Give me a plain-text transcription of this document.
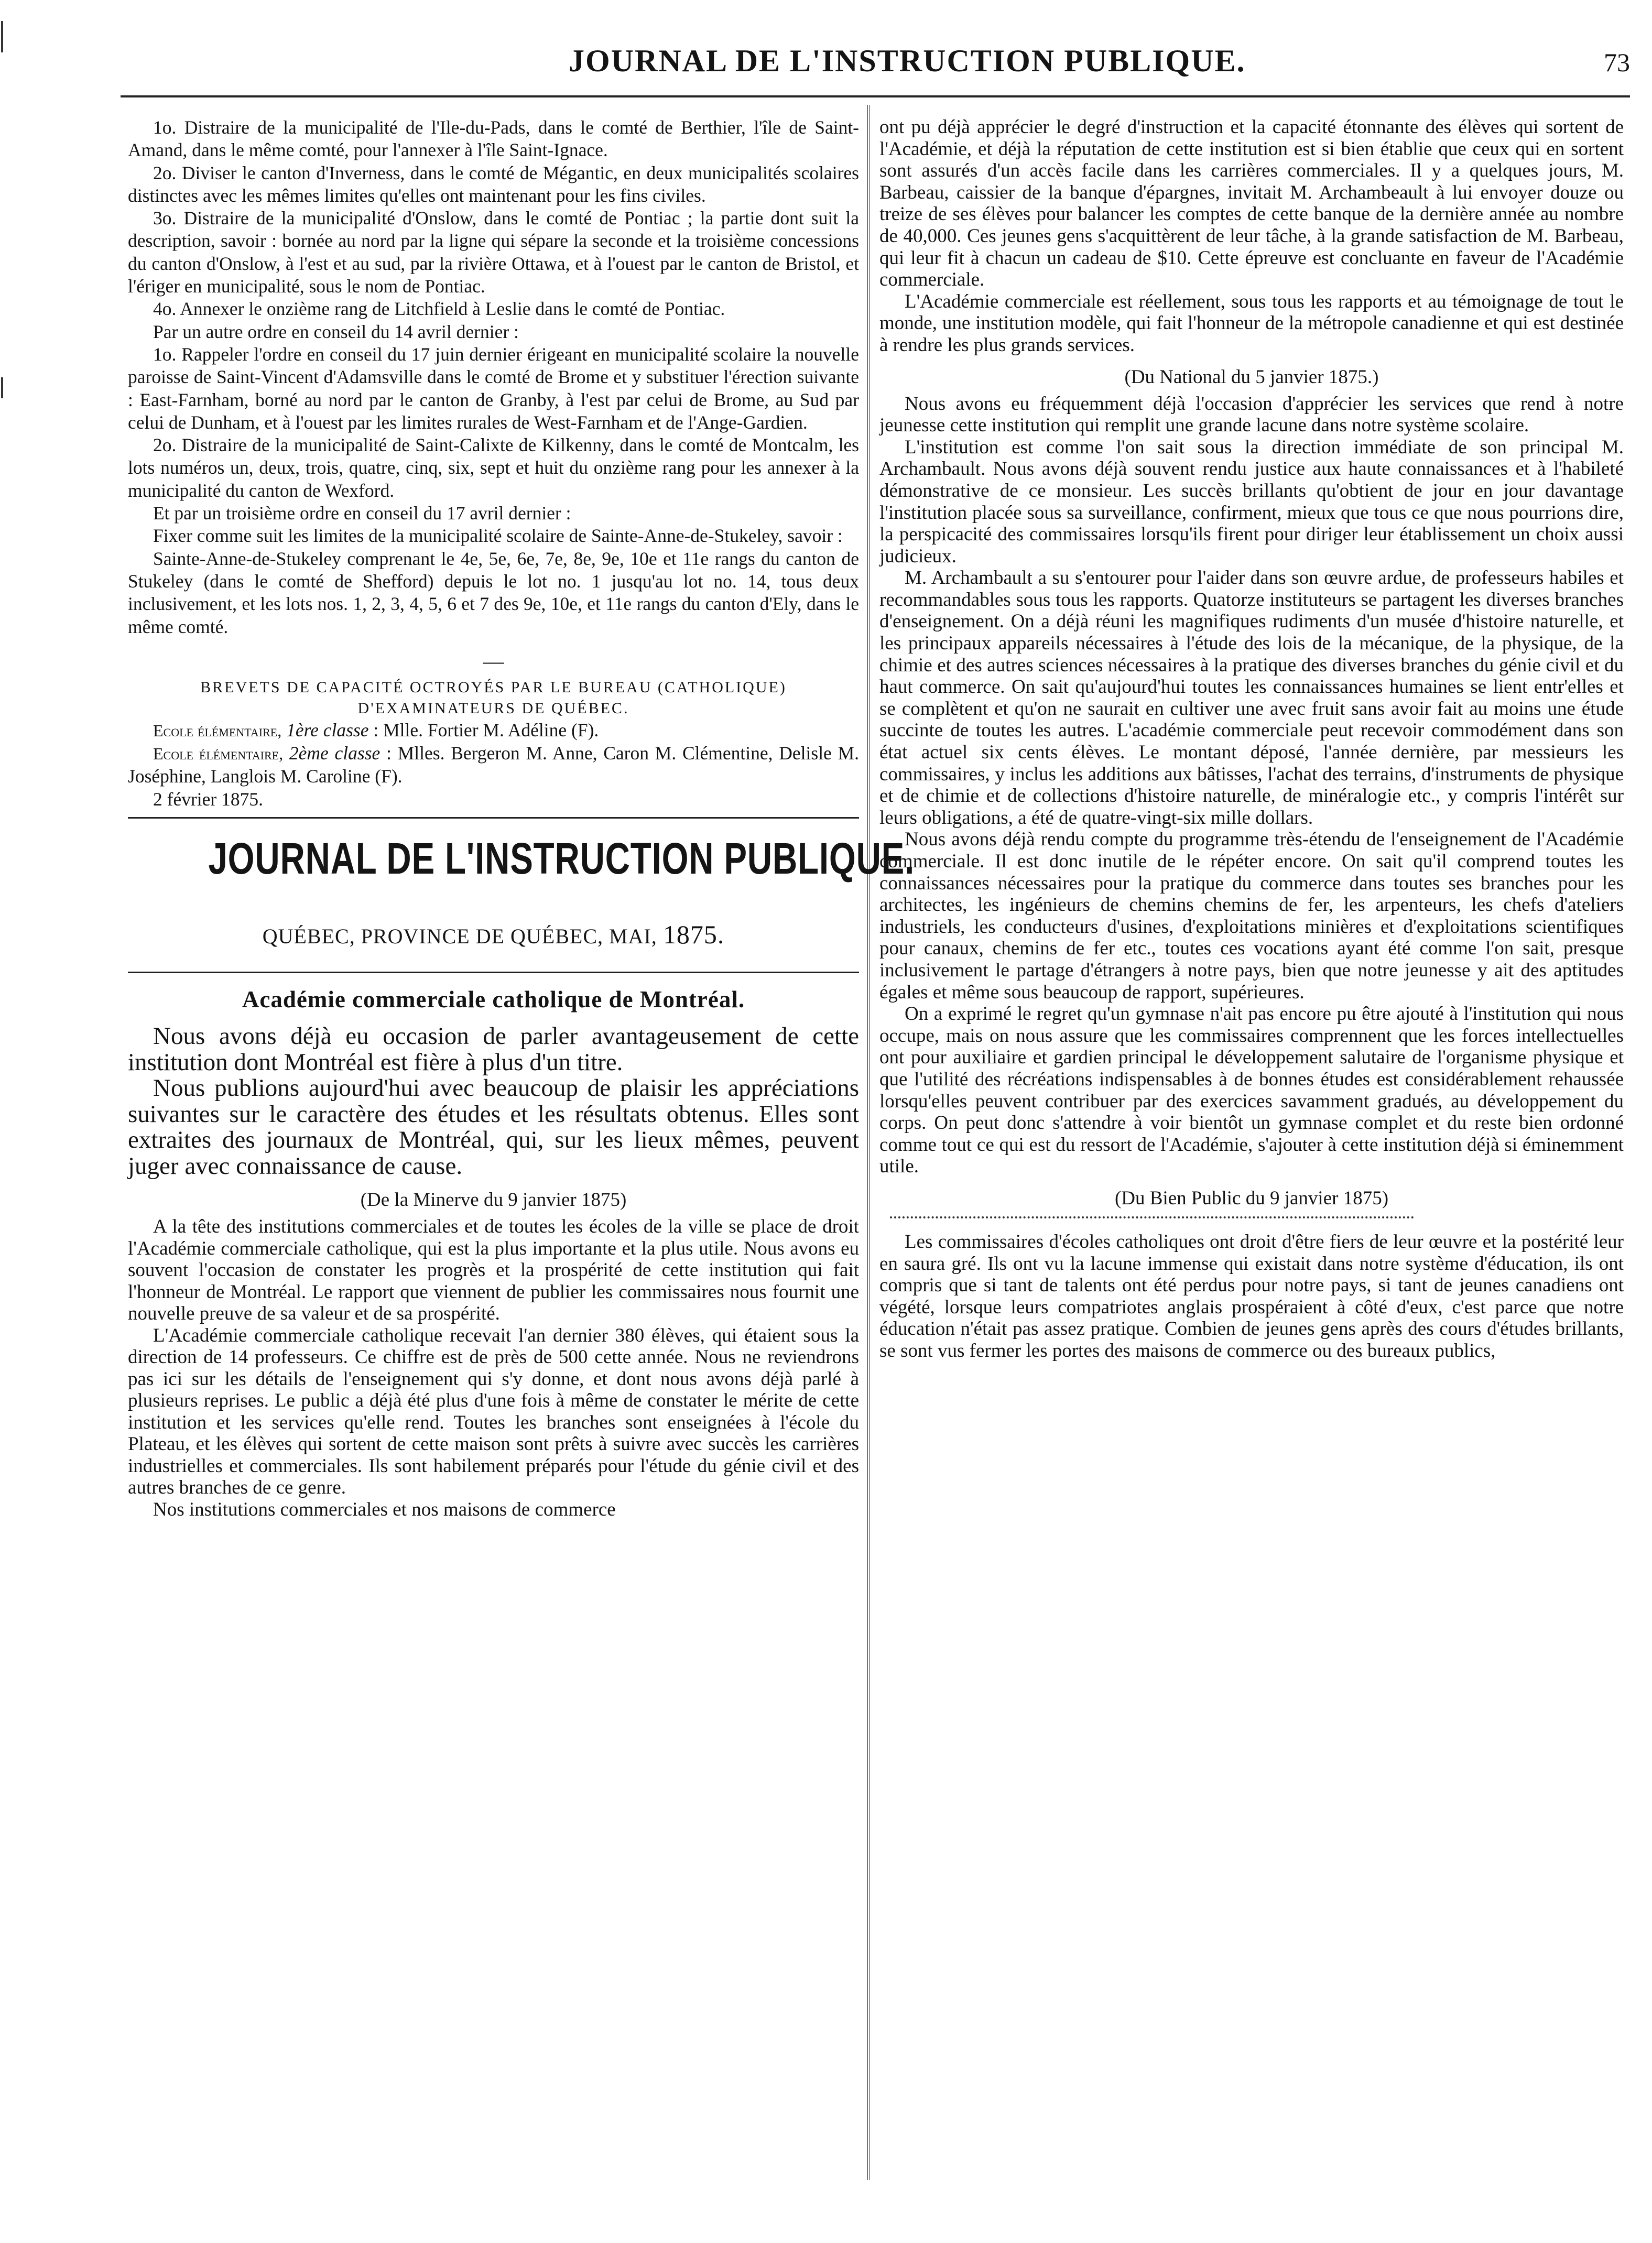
JOURNAL DE L'INSTRUCTION PUBLIQUE.	73

1o. Distraire de la municipalité de l'Ile-du-Pads, dans le comté de Berthier, l'île de Saint-Amand, dans le même comté, pour l'annexer à l'île Saint-Ignace.

2o. Diviser le canton d'Inverness, dans le comté de Mégantic, en deux municipalités scolaires distinctes avec les mêmes limites qu'elles ont maintenant pour les fins civiles.

3o. Distraire de la municipalité d'Onslow, dans le comté de Pontiac ; la partie dont suit la description, savoir : bornée au nord par la ligne qui sépare la seconde et la troisième concessions du canton d'Onslow, à l'est et au sud, par la rivière Ottawa, et à l'ouest par le canton de Bristol, et l'ériger en municipalité, sous le nom de Pontiac.

4o. Annexer le onzième rang de Litchfield à Leslie dans le comté de Pontiac.

Par un autre ordre en conseil du 14 avril dernier :

1o. Rappeler l'ordre en conseil du 17 juin dernier érigeant en municipalité scolaire la nouvelle paroisse de Saint-Vincent d'Adamsville dans le comté de Brome et y substituer l'érection suivante : East-Farnham, borné au nord par le canton de Granby, à l'est par celui de Brome, au Sud par celui de Dunham, et à l'ouest par les limites rurales de West-Farnham et de l'Ange-Gardien.

2o. Distraire de la municipalité de Saint-Calixte de Kilkenny, dans le comté de Montcalm, les lots numéros un, deux, trois, quatre, cinq, six, sept et huit du onzième rang pour les annexer à la municipalité du canton de Wexford.

Et par un troisième ordre en conseil du 17 avril dernier :

Fixer comme suit les limites de la municipalité scolaire de Sainte-Anne-de-Stukeley, savoir :

Sainte-Anne-de-Stukeley comprenant le 4e, 5e, 6e, 7e, 8e, 9e, 10e et 11e rangs du canton de Stukeley (dans le comté de Shefford) depuis le lot no. 1 jusqu'au lot no. 14, tous deux inclusivement, et les lots nos. 1, 2, 3, 4, 5, 6 et 7 des 9e, 10e, et 11e rangs du canton d'Ely, dans le même comté.

—
BREVETS DE CAPACITÉ OCTROYÉS PAR LE BUREAU (CATHOLIQUE)
D'EXAMINATEURS DE QUÉBEC.

Ecole élémentaire, 1ère classe : Mlle. Fortier M. Adéline (F).

Ecole élémentaire, 2ème classe : Mlles. Bergeron M. Anne, Caron M. Clémentine, Delisle M. Joséphine, Langlois M. Caroline (F).

2 février 1875.

JOURNAL DE L'INSTRUCTION PUBLIQUE.
QUÉBEC, PROVINCE DE QUÉBEC, MAI, 1875.
Académie commerciale catholique de Montréal.

Nous avons déjà eu occasion de parler avantageusement de cette institution dont Montréal est fière à plus d'un titre.

Nous publions aujourd'hui avec beaucoup de plaisir les appréciations suivantes sur le caractère des études et les résultats obtenus. Elles sont extraites des journaux de Montréal, qui, sur les lieux mêmes, peuvent juger avec connaissance de cause.

(De la Minerve du 9 janvier 1875)

A la tête des institutions commerciales et de toutes les écoles de la ville se place de droit l'Académie commerciale catholique, qui est la plus importante et la plus utile. Nous avons eu souvent l'occasion de constater les progrès et la prospérité de cette institution qui fait l'honneur de Montréal. Le rapport que viennent de publier les commissaires nous fournit une nouvelle preuve de sa valeur et de sa prospérité.

L'Académie commerciale catholique recevait l'an dernier 380 élèves, qui étaient sous la direction de 14 professeurs. Ce chiffre est de près de 500 cette année. Nous ne reviendrons pas ici sur les détails de l'enseignement qui s'y donne, et dont nous avons déjà parlé à plusieurs reprises. Le public a déjà été plus d'une fois à même de constater le mérite de cette institution et les services qu'elle rend. Toutes les branches sont enseignées à l'école du Plateau, et les élèves qui sortent de cette maison sont prêts à suivre avec succès les carrières industrielles et commerciales. Ils sont habilement préparés pour l'étude du génie civil et des autres branches de ce genre.

Nos institutions commerciales et nos maisons de commerce

ont pu déjà apprécier le degré d'instruction et la capacité étonnante des élèves qui sortent de l'Académie, et déjà la réputation de cette institution est si bien établie que ceux qui en sortent sont assurés d'un accès facile dans les carrières commerciales. Il y a quelques jours, M. Barbeau, caissier de la banque d'épargnes, invitait M. Archambeault à lui envoyer douze ou treize de ses élèves pour balancer les comptes de cette banque de la dernière année au nombre de 40,000. Ces jeunes gens s'acquittèrent de leur tâche, à la grande satisfaction de M. Barbeau, qui leur fit à chacun un cadeau de $10. Cette épreuve est concluante en faveur de l'Académie commerciale.

L'Académie commerciale est réellement, sous tous les rapports et au témoignage de tout le monde, une institution modèle, qui fait l'honneur de la métropole canadienne et qui est destinée à rendre les plus grands services.

(Du National du 5 janvier 1875.)

Nous avons eu fréquemment déjà l'occasion d'apprécier les services que rend à notre jeunesse cette institution qui remplit une grande lacune dans notre système scolaire.

L'institution est comme l'on sait sous la direction immédiate de son principal M. Archambault. Nous avons déjà souvent rendu justice aux haute connaissances et à l'habileté démonstrative de ce monsieur. Les succès brillants qu'obtient de jour en jour davantage l'institution placée sous sa surveillance, confirment, mieux que tous ce que nous pourrions dire, la perspicacité des commissaires lorsqu'ils firent pour diriger leur établissement un choix aussi judicieux.

M. Archambault a su s'entourer pour l'aider dans son œuvre ardue, de professeurs habiles et recommandables sous tous les rapports. Quatorze instituteurs se partagent les diverses branches d'enseignement. On a déjà réuni les magnifiques rudiments d'un musée d'histoire naturelle, et les principaux appareils nécessaires à l'étude des lois de la mécanique, de la physique, de la chimie et des autres sciences nécessaires à la pratique des diverses branches du génie civil et du haut commerce. On sait qu'aujourd'hui toutes les connaissances humaines se lient entr'elles et se complètent et qu'on ne saurait en cultiver une avec fruit sans avoir fait au moins une étude succinte de toutes les autres. L'académie commerciale peut recevoir commodément dans son état actuel six cents élèves. Le montant déposé, l'année dernière, par messieurs les commissaires, y inclus les additions aux bâtisses, l'achat des terrains, d'instruments de physique et de chimie et de collections d'histoire naturelle, de minéralogie etc., y compris l'intérêt sur leurs obligations, a été de quatre-vingt-six mille dollars.

Nous avons déjà rendu compte du programme très-étendu de l'enseignement de l'Académie commerciale. Il est donc inutile de le répéter encore. On sait qu'il comprend toutes les connaissances nécessaires pour la pratique du commerce dans toutes ses branches pour les architectes, les ingénieurs de chemins chemins de fer, les arpenteurs, les chefs d'ateliers industriels, les conducteurs d'usines, d'exploitations minières et d'exploitations scientifiques pour canaux, chemins de fer etc., toutes ces vocations ayant été comme l'on sait, presque inclusivement le partage d'étrangers à notre pays, bien que notre jeunesse y ait des aptitudes égales et même sous beaucoup de rapport, supérieures.

On a exprimé le regret qu'un gymnase n'ait pas encore pu être ajouté à l'institution qui nous occupe, mais on nous assure que les commissaires comprennent que les forces intellectuelles ont pour auxiliaire et gardien principal le développement salutaire de l'organisme physique et que l'utilité des récréations indispensables à de bonnes études est considérablement rehaussée lorsqu'elles peuvent contribuer par des exercices savamment gradués, au développement du corps. On peut donc s'attendre à voir bientôt un gymnase complet et du reste bien ordonné comme tout ce qui est du ressort de l'Académie, s'ajouter à cette institution déjà si éminemment utile.

(Du Bien Public du 9 janvier 1875)

Les commissaires d'écoles catholiques ont droit d'être fiers de leur œuvre et la postérité leur en saura gré. Ils ont vu la lacune immense qui existait dans notre système d'éducation, ils ont compris que si tant de talents ont été perdus pour notre pays, si tant de jeunes canadiens ont végété, lorsque leurs compatriotes anglais prospéraient à côté d'eux, c'est parce que notre éducation n'était pas assez pratique. Combien de jeunes gens après des cours d'études brillants, se sont vus fermer les portes des maisons de commerce ou des bureaux publics,
